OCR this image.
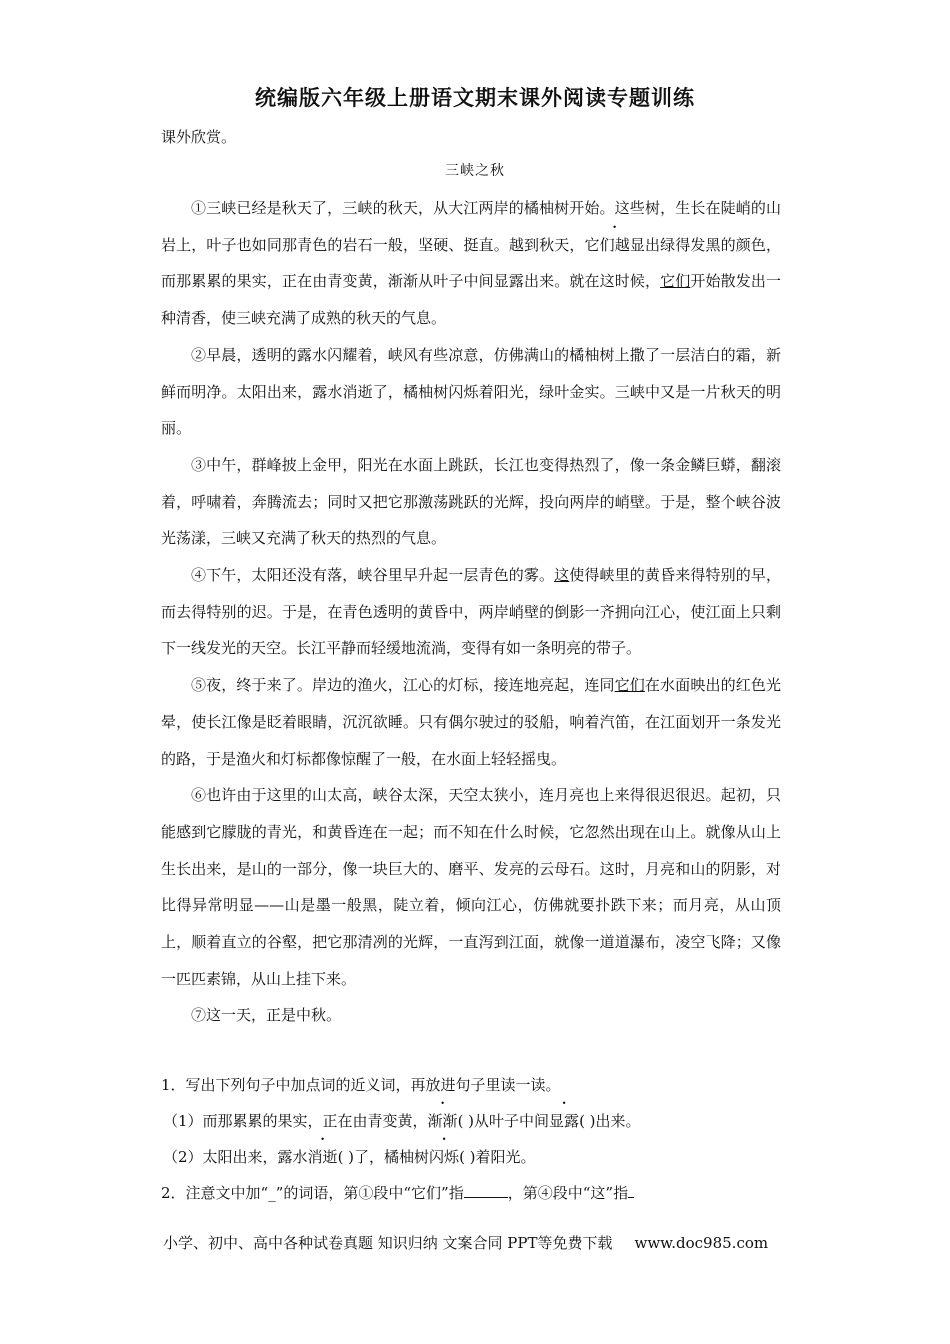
统编版六年级上册语文期末课外阅读专题训练
课外欣赏。
三峡之秋

①三峡已经是秋天了，三峡的秋天，从大江两岸的橘柚树开始。这些树，生长在陡峭的山岩上，叶子也如同那青色的岩石一般，坚硬、挺直。越到秋天，它们越显出绿得发黑的颜色，而那累累的果实，正在由青变黄，渐渐从叶子中间显露出来。就在这时候，它们开始散发出一种清香，使三峡充满了成熟的秋天的气息。

②早晨，透明的露水闪耀着，峡风有些凉意，仿佛满山的橘柚树上撒了一层洁白的霜，新鲜而明净。太阳出来，露水消逝了，橘柚树闪烁着阳光，绿叶金实。三峡中又是一片秋天的明丽。

③中午，群峰披上金甲，阳光在水面上跳跃，长江也变得热烈了，像一条金鳞巨蟒，翻滚着，呼啸着，奔腾流去；同时又把它那激荡跳跃的光辉，投向两岸的峭壁。于是，整个峡谷波光荡漾，三峡又充满了秋天的热烈的气息。

④下午，太阳还没有落，峡谷里早升起一层青色的雾。这使得峡里的黄昏来得特别的早，而去得特别的迟。于是，在青色透明的黄昏中，两岸峭壁的倒影一齐拥向江心，使江面上只剩下一线发光的天空。长江平静而轻缓地流淌，变得有如一条明亮的带子。

⑤夜，终于来了。岸边的渔火，江心的灯标，接连地亮起，连同它们在水面映出的红色光晕，使长江像是眨着眼睛，沉沉欲睡。只有偶尔驶过的驳船，响着汽笛，在江面划开一条发光的路，于是渔火和灯标都像惊醒了一般，在水面上轻轻摇曳。

⑥也许由于这里的山太高，峡谷太深，天空太狭小，连月亮也上来得很迟很迟。起初，只能感到它朦胧的青光，和黄昏连在一起；而不知在什么时候，它忽然出现在山上。就像从山上生长出来，是山的一部分，像一块巨大的、磨平、发亮的云母石。这时，月亮和山的阴影，对比得异常明显——山是墨一般黑，陡立着，倾向江心，仿佛就要扑跌下来；而月亮，从山顶上，顺着直立的谷壑，把它那清冽的光辉，一直泻到江面，就像一道道瀑布，凌空飞降；又像一匹匹素锦，从山上挂下来。

⑦这一天，正是中秋。

1．写出下列句子中加点词的近义词，再放进句子里读一读。

（1）而那累累的果实，正在由青变黄，渐渐( )从叶子中间显露( )出来。

（2）太阳出来，露水消逝( )了，橘柚树闪烁( )着阳光。

2．注意文中加“_”的词语，第①段中“它们”指	，第④段中“这”指

小学、初中、高中各种试卷真题 知识归纳 文案合同 PPT等免费下载 www.doc985.com
